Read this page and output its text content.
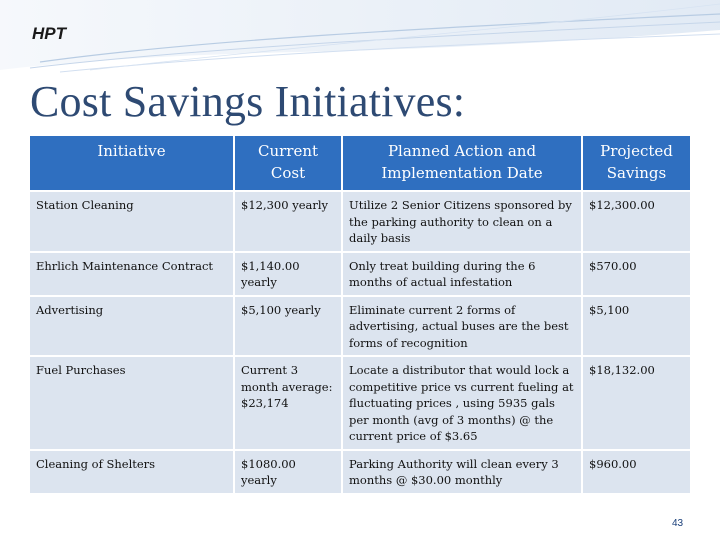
HPT
Cost Savings Initiatives:
Initiative	Current Cost	Planned Action and Implementation Date	Projected Savings
Station Cleaning	$12,300 yearly	Utilize 2 Senior Citizens sponsored by the parking authority to clean on a daily basis	$12,300.00
Ehrlich Maintenance Contract	$1,140.00 yearly	Only treat building during the 6 months of actual infestation	$570.00
Advertising	$5,100 yearly	Eliminate current 2 forms of advertising, actual buses are the best forms of recognition	$5,100
Fuel Purchases	Current 3 month average: $23,174	Locate a distributor that would lock a competitive price vs current fueling at fluctuating prices , using 5935 gals per month (avg of 3 months) @ the current price of $3.65	$18,132.00
Cleaning of Shelters	$1080.00 yearly	Parking Authority will clean every 3 months @ $30.00 monthly	$960.00
43
